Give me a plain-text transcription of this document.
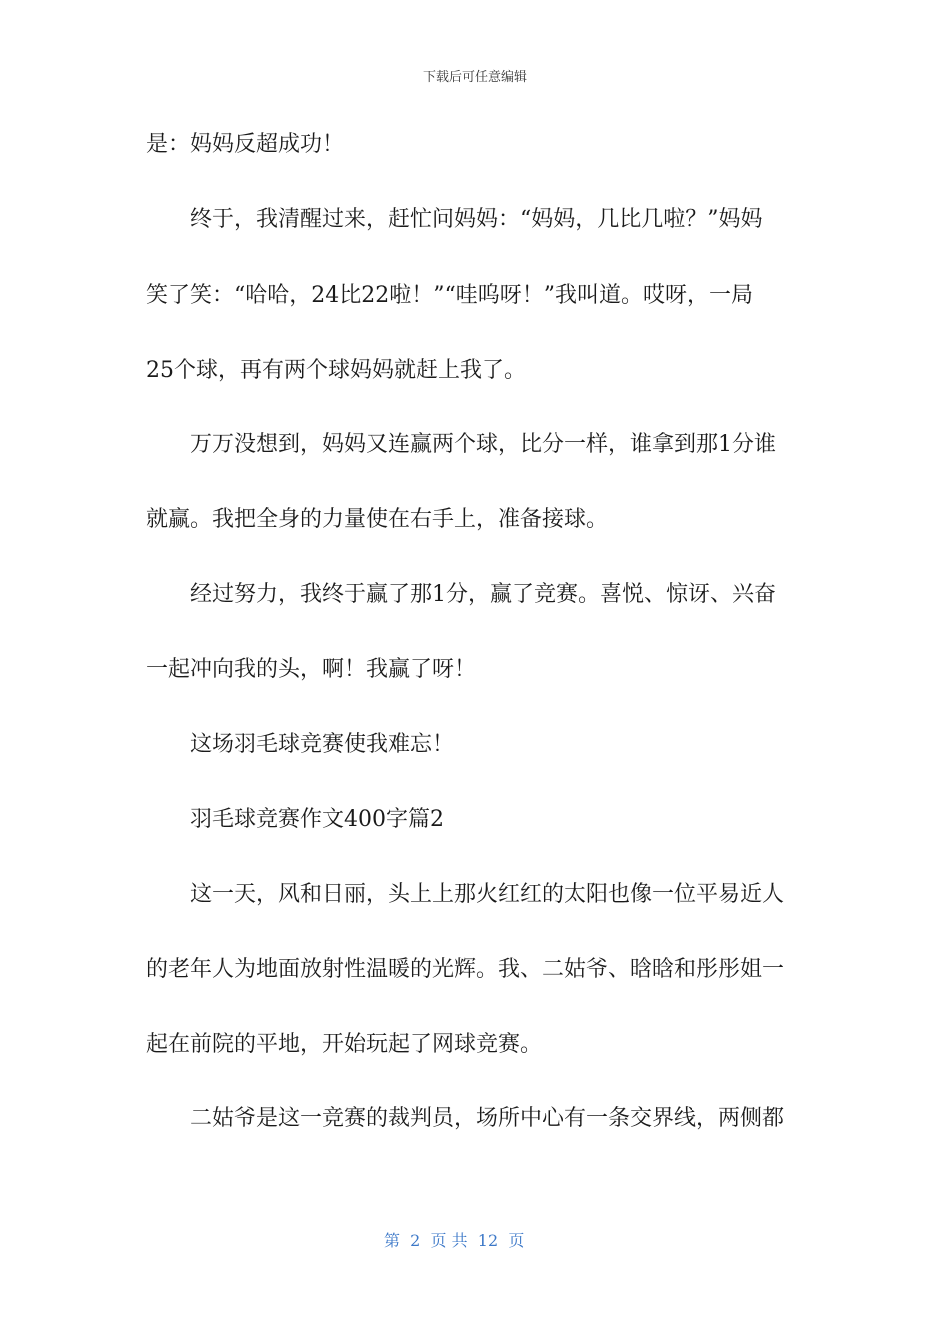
下载后可任意编辑
是：妈妈反超成功！
终于，我清醒过来，赶忙问妈妈：“妈妈，几比几啦？”妈妈
笑了笑：“哈哈，24比22啦！”“哇呜呀！”我叫道。哎呀，一局
25个球，再有两个球妈妈就赶上我了。
万万没想到，妈妈又连赢两个球，比分一样，谁拿到那1分谁
就赢。我把全身的力量使在右手上，准备接球。
经过努力，我终于赢了那1分，赢了竞赛。喜悦、惊讶、兴奋
一起冲向我的头，啊！我赢了呀！
这场羽毛球竞赛使我难忘！
羽毛球竞赛作文400字篇2
这一天，风和日丽，头上上那火红红的太阳也像一位平易近人
的老年人为地面放射性温暖的光辉。我、二姑爷、晗晗和彤彤姐一
起在前院的平地，开始玩起了网球竞赛。
二姑爷是这一竞赛的裁判员，场所中心有一条交界线，两侧都
第  2  页 共  12  页
